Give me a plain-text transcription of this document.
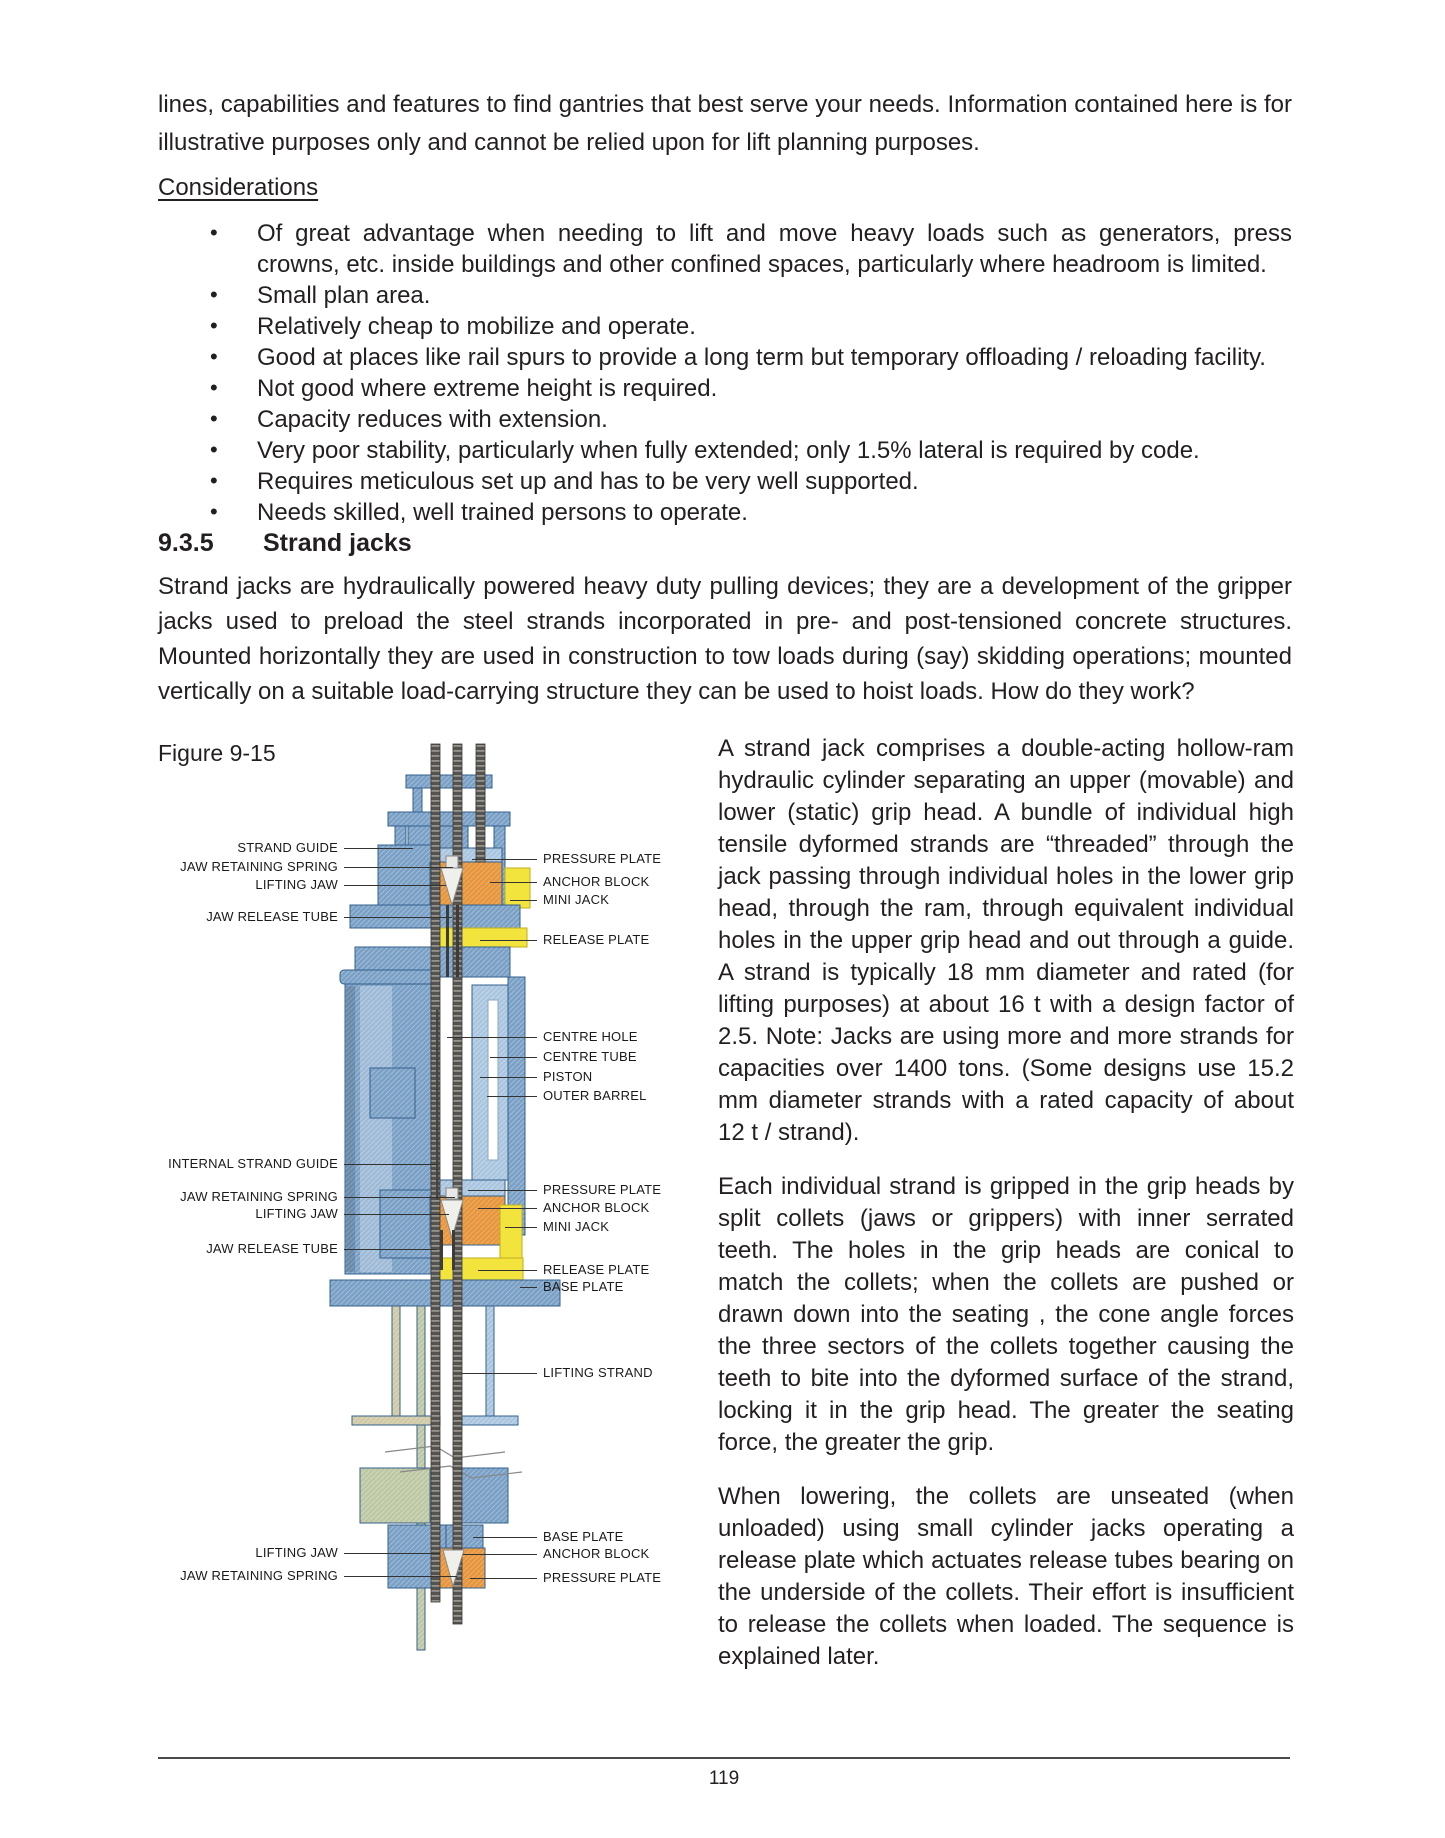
lines, capabilities and features to find gantries that best serve your needs. Information contained here is for illustrative purposes only and cannot be relied upon for lift planning purposes.

Considerations
• Of great advantage when needing to lift and move heavy loads such as generators, press crowns, etc. inside buildings and other confined spaces, particularly where headroom is limited.
• Small plan area.
• Relatively cheap to mobilize and operate.
• Good at places like rail spurs to provide a long term but temporary offloading / reloading facility.
• Not good where extreme height is required.
• Capacity reduces with extension.
• Very poor stability, particularly when fully extended; only 1.5% lateral is required by code.
• Requires meticulous set up and has to be very well supported.
• Needs skilled, well trained persons to operate.
9.3.5 Strand jacks

Strand jacks are hydraulically powered heavy duty pulling devices; they are a development of the gripper jacks used to preload the steel strands incorporated in pre- and post-tensioned concrete structures. Mounted horizontally they are used in construction to tow loads during (say) skidding operations; mounted vertically on a suitable load-carrying structure they can be used to hoist loads. How do they work?

Figure 9-15
STRAND GUIDE
JAW RETAINING SPRING
LIFTING JAW
JAW RELEASE TUBE
INTERNAL STRAND GUIDE
JAW RETAINING SPRING
LIFTING JAW
JAW RELEASE TUBE
LIFTING JAW
JAW RETAINING SPRING
PRESSURE PLATE
ANCHOR BLOCK
MINI JACK
RELEASE PLATE
CENTRE HOLE
CENTRE TUBE
PISTON
OUTER BARREL
PRESSURE PLATE
ANCHOR BLOCK
MINI JACK
RELEASE PLATE
BASE PLATE
LIFTING STRAND
BASE PLATE
ANCHOR BLOCK
PRESSURE PLATE

A strand jack comprises a double-acting hollow-ram hydraulic cylinder separating an upper (movable) and lower (static) grip head. A bundle of individual high tensile dyformed strands are “threaded” through the jack passing through individual holes in the lower grip head, through the ram, through equivalent individual holes in the upper grip head and out through a guide. A strand is typically 18 mm diameter and rated (for lifting purposes) at about 16 t with a design factor of 2.5. Note: Jacks are using more and more strands for capacities over 1400 tons. (Some designs use 15.2 mm diameter strands with a rated capacity of about 12 t / strand).

Each individual strand is gripped in the grip heads by split collets (jaws or grippers) with inner serrated teeth. The holes in the grip heads are conical to match the collets; when the collets are pushed or drawn down into the seating , the cone angle forces the three sectors of the collets together causing the teeth to bite into the dyformed surface of the strand, locking it in the grip head. The greater the seating force, the greater the grip.

When lowering, the collets are unseated (when unloaded) using small cylinder jacks operating a release plate which actuates release tubes bearing on the underside of the collets. Their effort is insufficient to release the collets when loaded. The sequence is explained later.

119
